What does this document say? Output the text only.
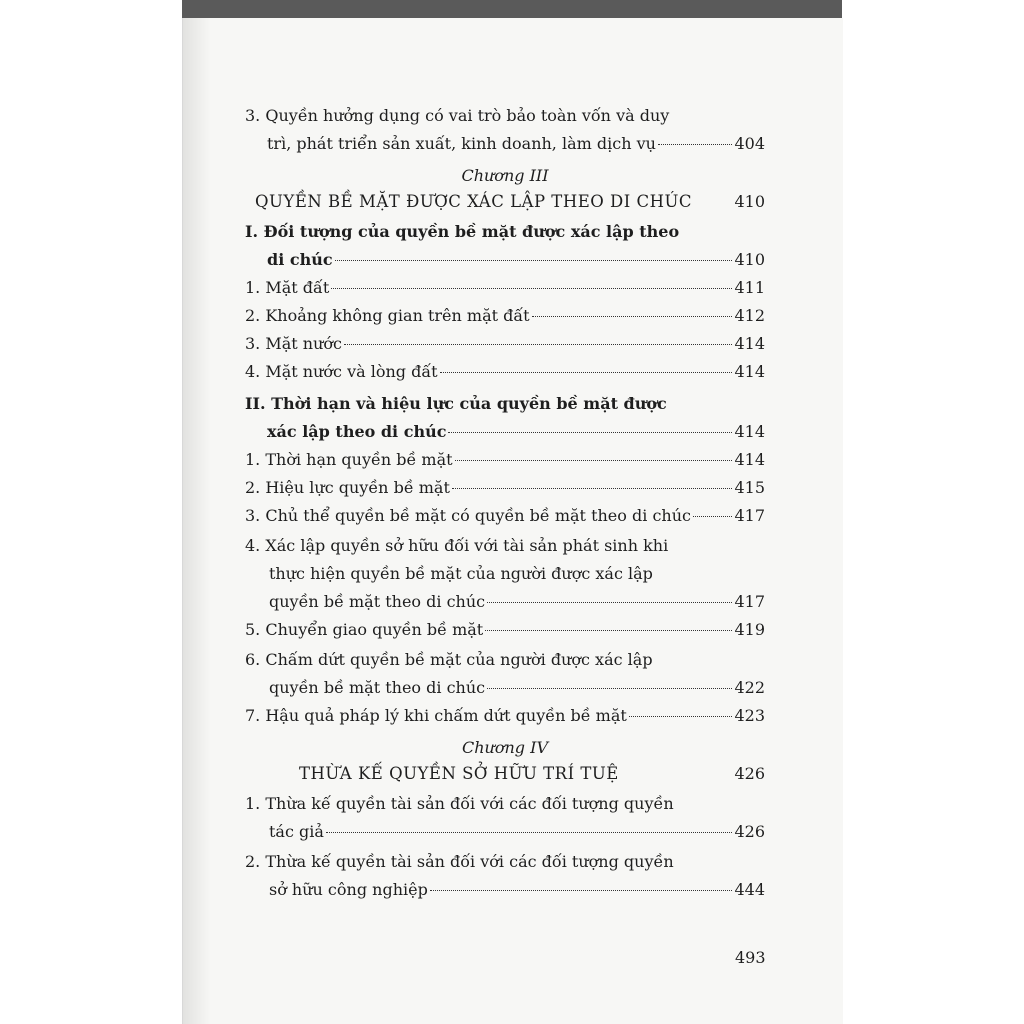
3. Quyền hưởng dụng có vai trò bảo toàn vốn và duy
trì, phát triển sản xuất, kinh doanh, làm dịch vụ	404
Chương III
QUYỀN BỀ MẶT ĐƯỢC XÁC LẬP THEO DI CHÚC	410
I. Đối tượng của quyền bề mặt được xác lập theo
di chúc	410
1. Mặt đất	411
2. Khoảng không gian trên mặt đất	412
3. Mặt nước	414
4. Mặt nước và lòng đất	414
II. Thời hạn và hiệu lực của quyền bề mặt được
xác lập theo di chúc	414
1. Thời hạn quyền bề mặt	414
2. Hiệu lực quyền bề mặt	415
3. Chủ thể quyền bề mặt có quyền bề mặt theo di chúc	417
4. Xác lập quyền sở hữu đối với tài sản phát sinh khi
thực hiện quyền bề mặt của người được xác lập
quyền bề mặt theo di chúc	417
5. Chuyển giao quyền bề mặt	419
6. Chấm dứt quyền bề mặt của người được xác lập
quyền bề mặt theo di chúc	422
7. Hậu quả pháp lý khi chấm dứt quyền bề mặt	423
Chương IV
THỪA KẾ QUYỀN SỞ HỮU TRÍ TUỆ	426
1. Thừa kế quyền tài sản đối với các đối tượng quyền
tác giả	426
2. Thừa kế quyền tài sản đối với các đối tượng quyền
sở hữu công nghiệp	444
493
